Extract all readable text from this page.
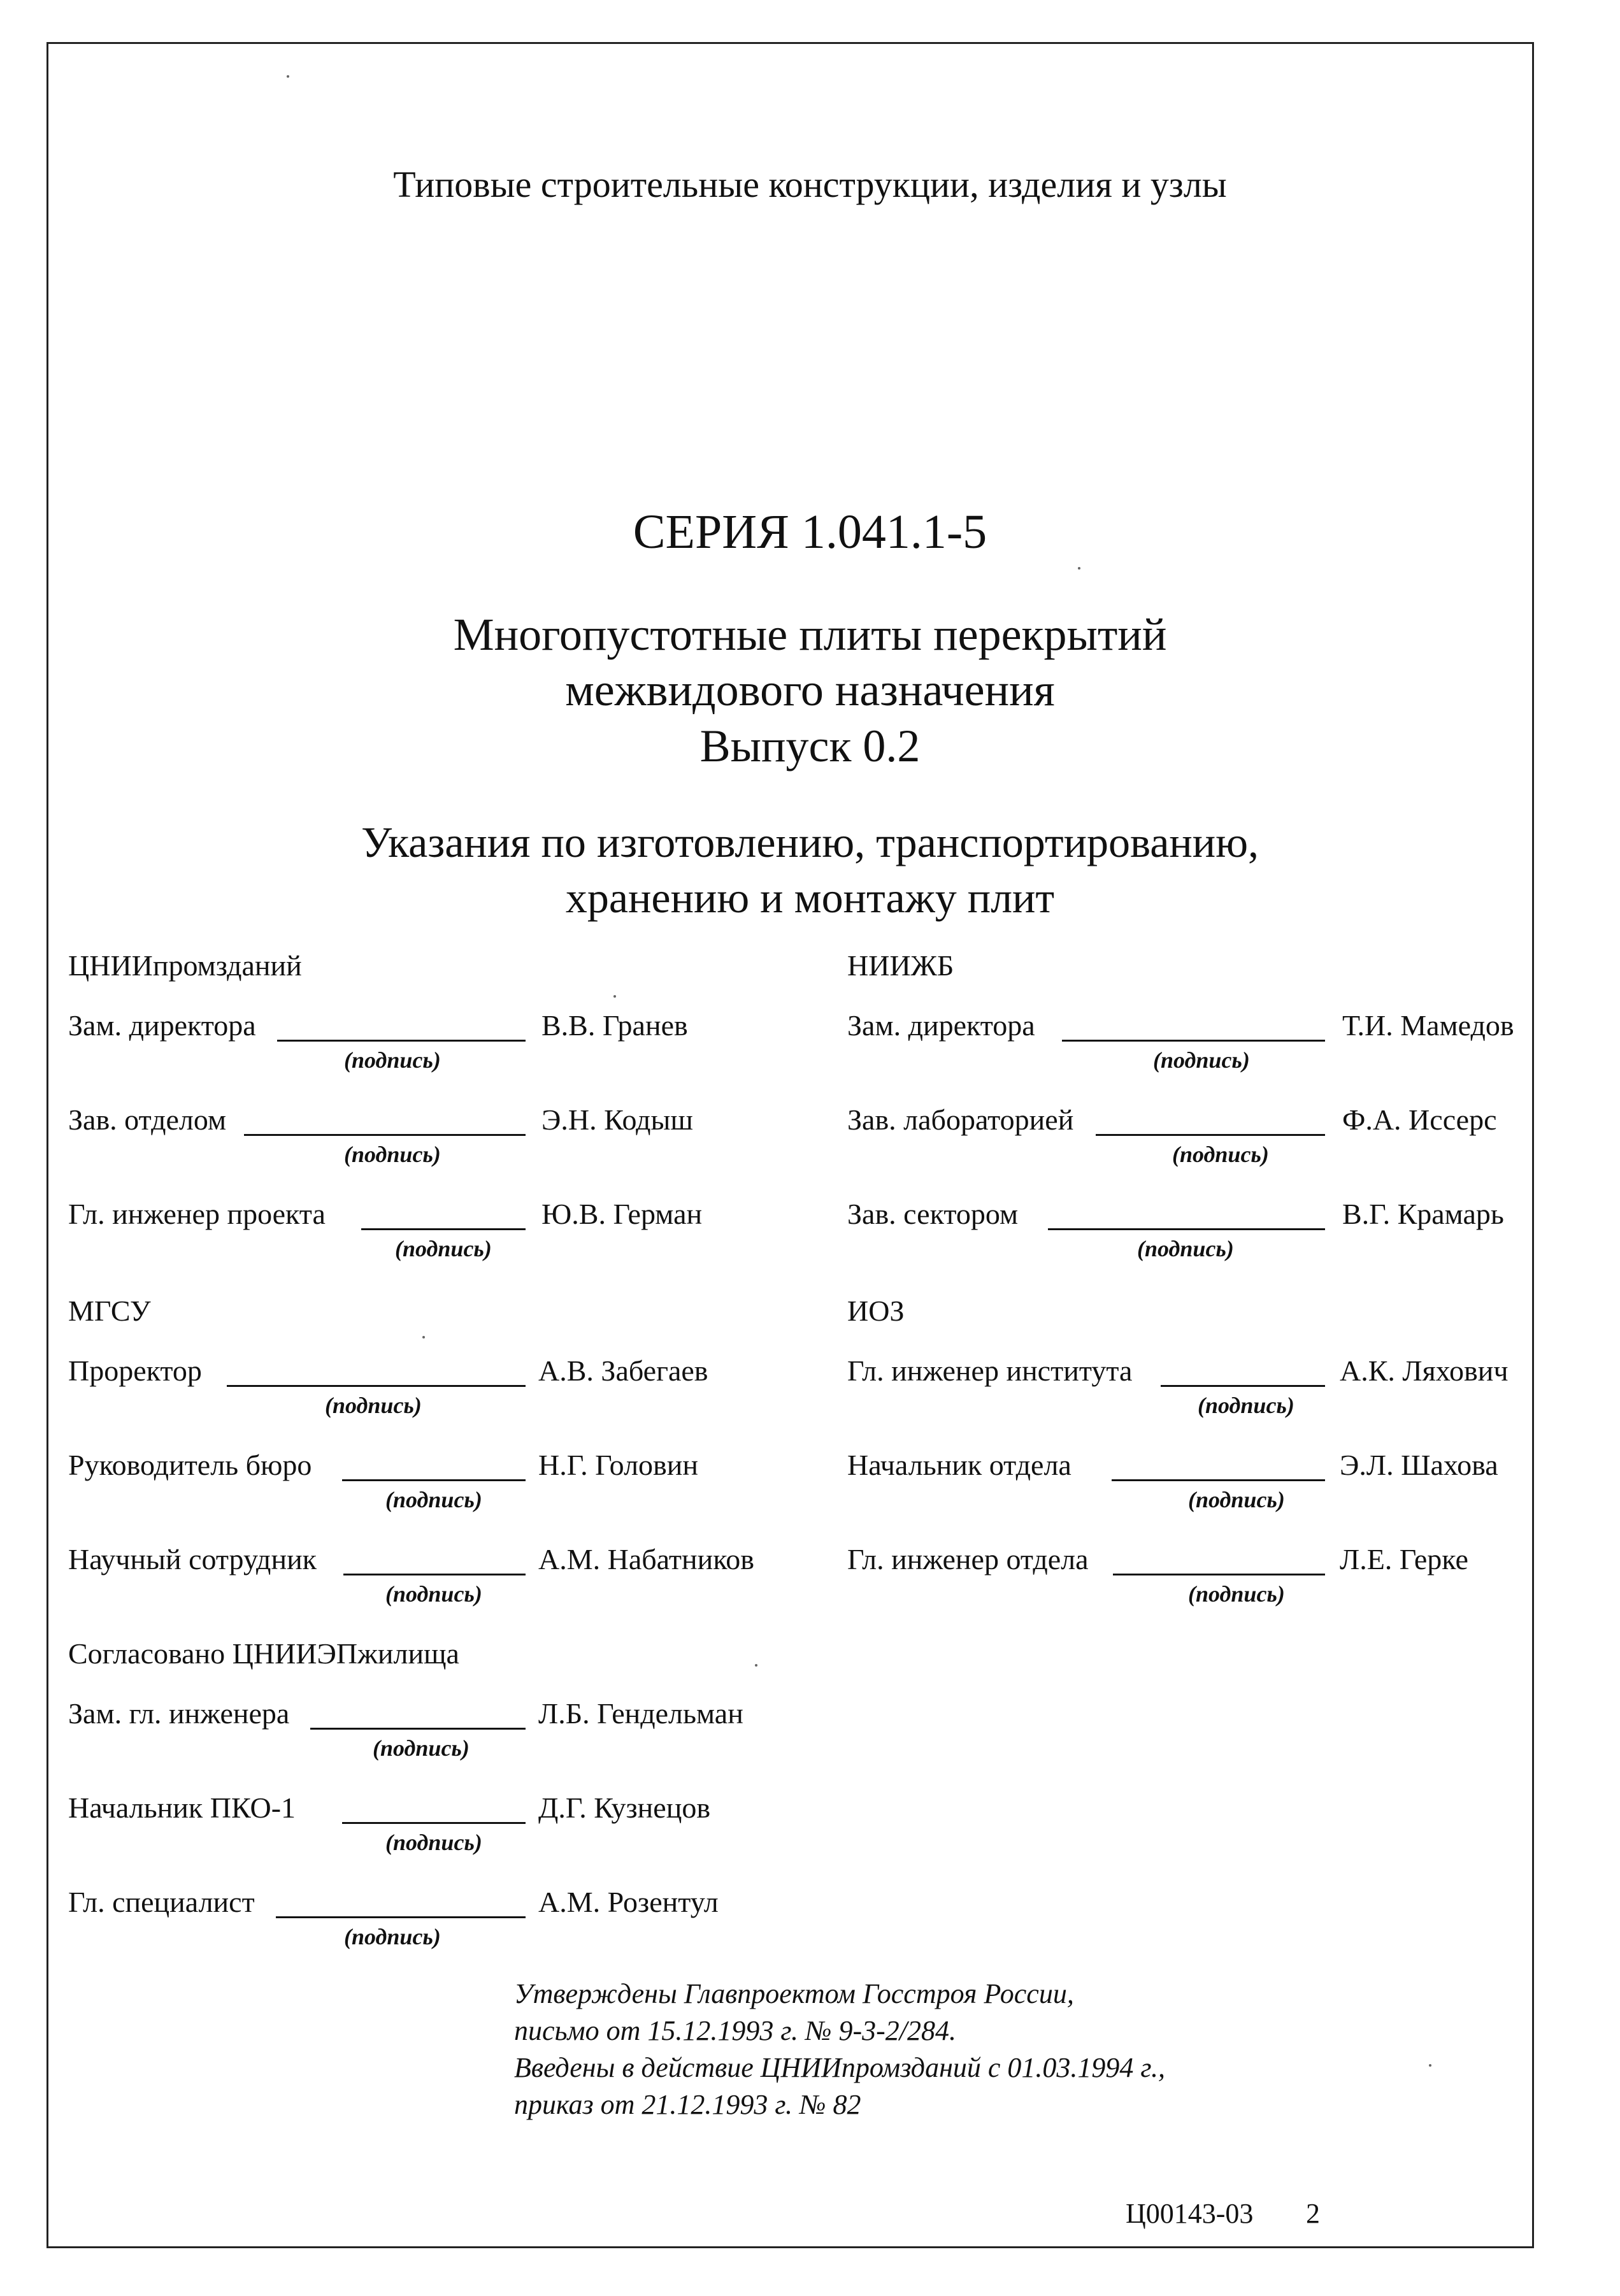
Типовые строительные конструкции, изделия и узлы
СЕРИЯ 1.041.1-5
Многопустотные плиты перекрытий
межвидового назначения
Выпуск 0.2
Указания по изготовлению, транспортированию,
хранению и монтажу плит
ЦНИИпромзданий
Зам. директора	В.В. Гранев
(подпись)
Зав. отделом	Э.Н. Кодыш
(подпись)
Гл. инженер проекта	Ю.В. Герман
(подпись)
МГСУ
Проректор	А.В. Забегаев
(подпись)
Руководитель бюро	Н.Г. Головин
(подпись)
Научный сотрудник	А.М. Набатников
(подпись)
Согласовано ЦНИИЭПжилища
Зам. гл. инженера	Л.Б. Гендельман
(подпись)
Начальник ПКО-1	Д.Г. Кузнецов
(подпись)
Гл. специалист	А.М. Розентул
(подпись)
НИИЖБ
Зам. директора	Т.И. Мамедов
(подпись)
Зав. лабораторией	Ф.А. Иссерс
(подпись)
Зав. сектором	В.Г. Крамарь
(подпись)
ИОЗ
Гл. инженер института	А.К. Ляхович
(подпись)
Начальник отдела	Э.Л. Шахова
(подпись)
Гл. инженер отдела	Л.Е. Герке
(подпись)
Утверждены Главпроектом Госстроя России,
письмо от 15.12.1993 г. № 9-3-2/284.
Введены в действие ЦНИИпромзданий с 01.03.1994 г.,
приказ от 21.12.1993 г. № 82
Ц00143-03 2
